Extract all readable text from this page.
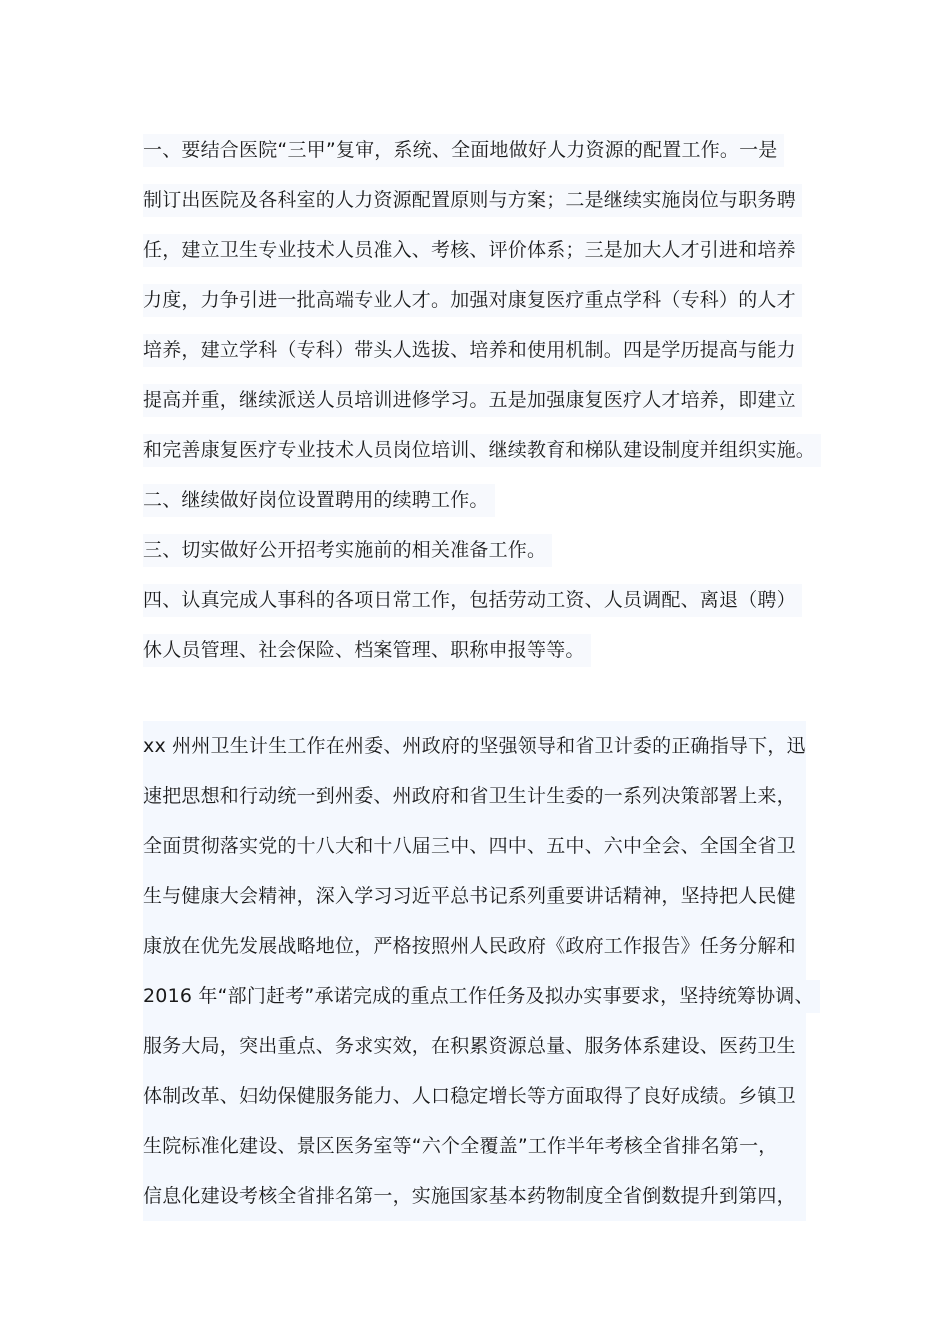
一、要结合医院“三甲”复审，系统、全面地做好人力资源的配置工作。一是
制订出医院及各科室的人力资源配置原则与方案；二是继续实施岗位与职务聘
任，建立卫生专业技术人员准入、考核、评价体系；三是加大人才引进和培养
力度，力争引进一批高端专业人才。加强对康复医疗重点学科（专科）的人才
培养，建立学科（专科）带头人选拔、培养和使用机制。四是学历提高与能力
提高并重，继续派送人员培训进修学习。五是加强康复医疗人才培养，即建立
和完善康复医疗专业技术人员岗位培训、继续教育和梯队建设制度并组织实施。
二、继续做好岗位设置聘用的续聘工作。
三、切实做好公开招考实施前的相关准备工作。
四、认真完成人事科的各项日常工作，包括劳动工资、人员调配、离退（聘）
休人员管理、社会保险、档案管理、职称申报等等。
xx 州州卫生计生工作在州委、州政府的坚强领导和省卫计委的正确指导下，迅
速把思想和行动统一到州委、州政府和省卫生计生委的一系列决策部署上来，
全面贯彻落实党的十八大和十八届三中、四中、五中、六中全会、全国全省卫
生与健康大会精神，深入学习习近平总书记系列重要讲话精神，坚持把人民健
康放在优先发展战略地位，严格按照州人民政府《政府工作报告》任务分解和
2016 年“部门赶考”承诺完成的重点工作任务及拟办实事要求，坚持统筹协调、
服务大局，突出重点、务求实效，在积累资源总量、服务体系建设、医药卫生
体制改革、妇幼保健服务能力、人口稳定增长等方面取得了良好成绩。乡镇卫
生院标准化建设、景区医务室等“六个全覆盖”工作半年考核全省排名第一，
信息化建设考核全省排名第一，实施国家基本药物制度全省倒数提升到第四，
